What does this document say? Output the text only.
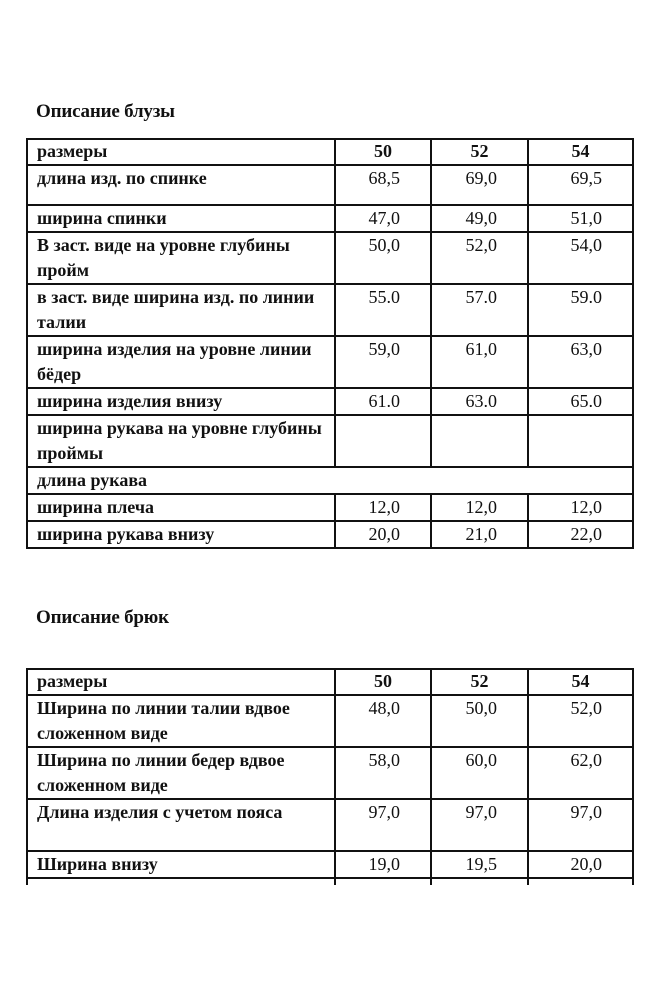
Описание блузы
размеры	50	52	54
длина изд. по спинке	68,5	69,0	69,5
ширина спинки	47,0	49,0	51,0
В заст. виде на уровне глубины пройм	50,0	52,0	54,0
в заст. виде ширина изд. по линии талии	55.0	57.0	59.0
ширина изделия на уровне линии бёдер	59,0	61,0	63,0
ширина изделия внизу	61.0	63.0	65.0
ширина рукава на уровне глубины проймы			
длина рукава			
ширина плеча	12,0	12,0	12,0
ширина рукава внизу	20,0	21,0	22,0
Описание брюк
размеры	50	52	54
Ширина по линии талии вдвое сложенном виде	48,0	50,0	52,0
Ширина по линии бедер вдвое сложенном виде	58,0	60,0	62,0
Длина изделия с учетом пояса	97,0	97,0	97,0
Ширина внизу	19,0	19,5	20,0
